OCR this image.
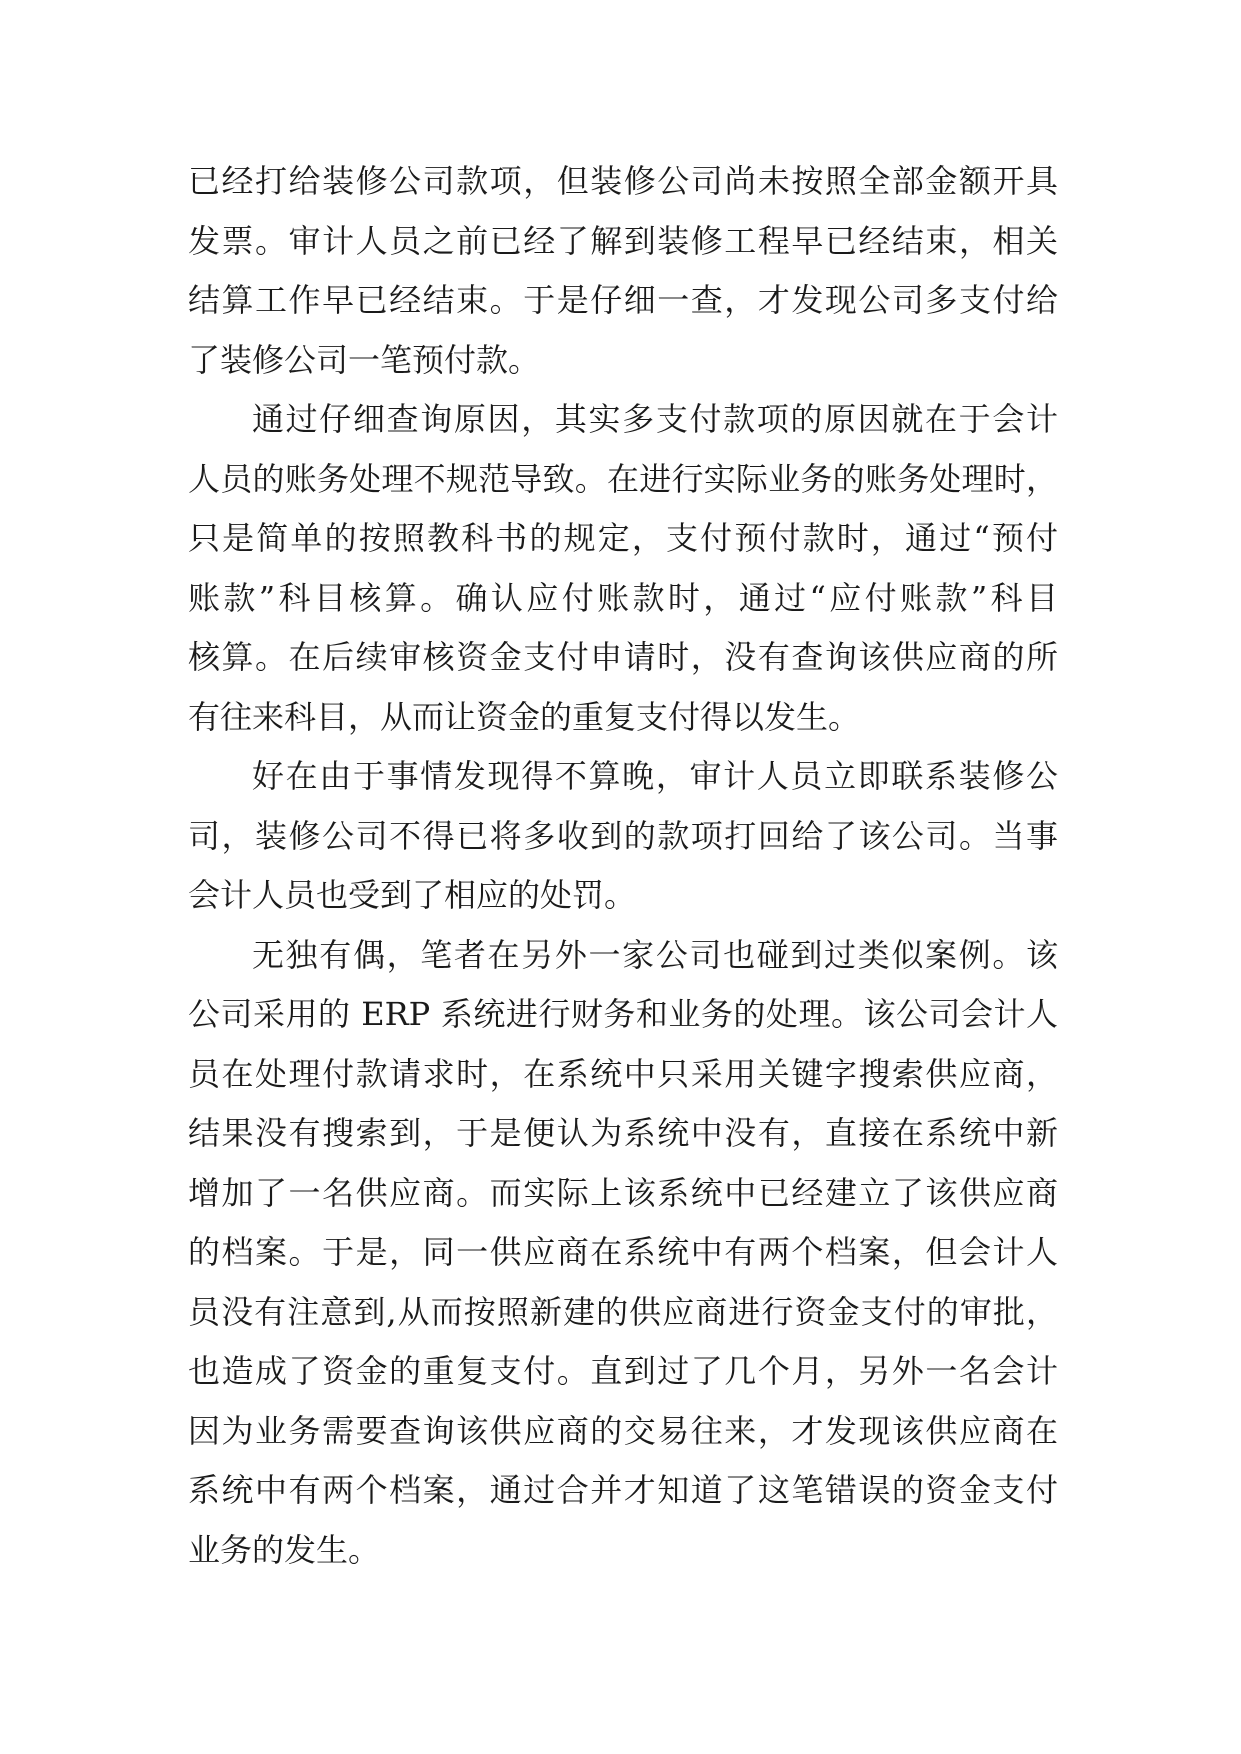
已经打给装修公司款项，但装修公司尚未按照全部金额开具
发票。审计人员之前已经了解到装修工程早已经结束，相关
结算工作早已经结束。于是仔细一查，才发现公司多支付给
了装修公司一笔预付款。
通过仔细查询原因，其实多支付款项的原因就在于会计
人员的账务处理不规范导致。在进行实际业务的账务处理时，
只是简单的按照教科书的规定，支付预付款时，通过“预付
账款”科目核算。确认应付账款时，通过“应付账款”科目
核算。在后续审核资金支付申请时，没有查询该供应商的所
有往来科目，从而让资金的重复支付得以发生。
好在由于事情发现得不算晚，审计人员立即联系装修公
司，装修公司不得已将多收到的款项打回给了该公司。当事
会计人员也受到了相应的处罚。
无独有偶，笔者在另外一家公司也碰到过类似案例。该
公司采用的 ERP 系统进行财务和业务的处理。该公司会计人
员在处理付款请求时，在系统中只采用关键字搜索供应商，
结果没有搜索到，于是便认为系统中没有，直接在系统中新
增加了一名供应商。而实际上该系统中已经建立了该供应商
的档案。于是，同一供应商在系统中有两个档案，但会计人
员没有注意到,从而按照新建的供应商进行资金支付的审批，
也造成了资金的重复支付。直到过了几个月，另外一名会计
因为业务需要查询该供应商的交易往来，才发现该供应商在
系统中有两个档案，通过合并才知道了这笔错误的资金支付
业务的发生。
